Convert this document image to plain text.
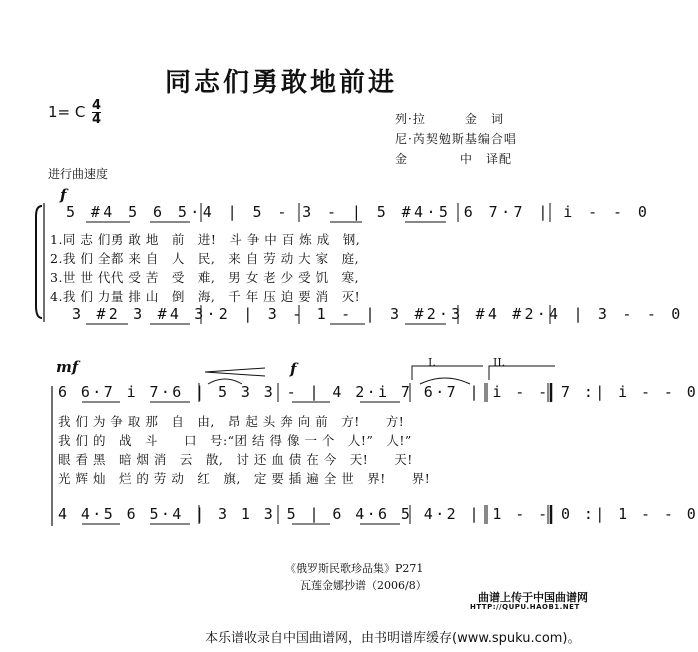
同志们勇敢地前进
1= C 4
4	列·拉　　　金　词
尼·芮契勉斯基编合唱
金　　　　中　译配
进行曲速度
f
5 #4 5 6 5·4 | 5 - 3 - | 5 #4·5 6 7·7 | i - - 0
1.同 志 们勇 敢 地　前　进!　斗 争 中 百 炼 成　钢,
2.我 们 全都 来 自　人　民,　来 自 劳 动 大 家　庭,
3.世 世 代代 受 苦　受　难,　男 女 老 少 受 饥　寒,
4.我 们 力量 排 山　倒　海,　千 年 压 迫 要 消　灭!
3 #2 3 #4 3·2 | 3 - 1 - | 3 #2·3 #4 #2·4 | 3 - - 0
mf	f	I.	II.
6 6·7 i 7·6 | 5 3 3 - | 4 2·i 7 6·7 | i - - 7 :| i - - 0
我 们 为 争 取 那　自　由,　昂 起 头 奔 向 前　方!　　方!
我 们 的　战　斗　　口　号:“团 结 得 像 一 个　人!”　人!”
眼 看 黑　暗 烟 消　云　散,　讨 还 血 债 在 今　天!　　天!
光 辉 灿　烂 的 劳 动　红　旗,　定 要 插 遍 全 世　界!　　界!
4 4·5 6 5·4 | 3 1 3 5 | 6 4·6 5 4·2 | 1 - - 0 :| 1 - - 0
《俄罗斯民歌珍品集》P271
瓦莲金娜抄谱（2006/8）
曲谱上传于中国曲谱网
HTTP://QUPU.HAOB1.NET
本乐谱收录自中国曲谱网，由书明谱库缓存(www.spuku.com)。
